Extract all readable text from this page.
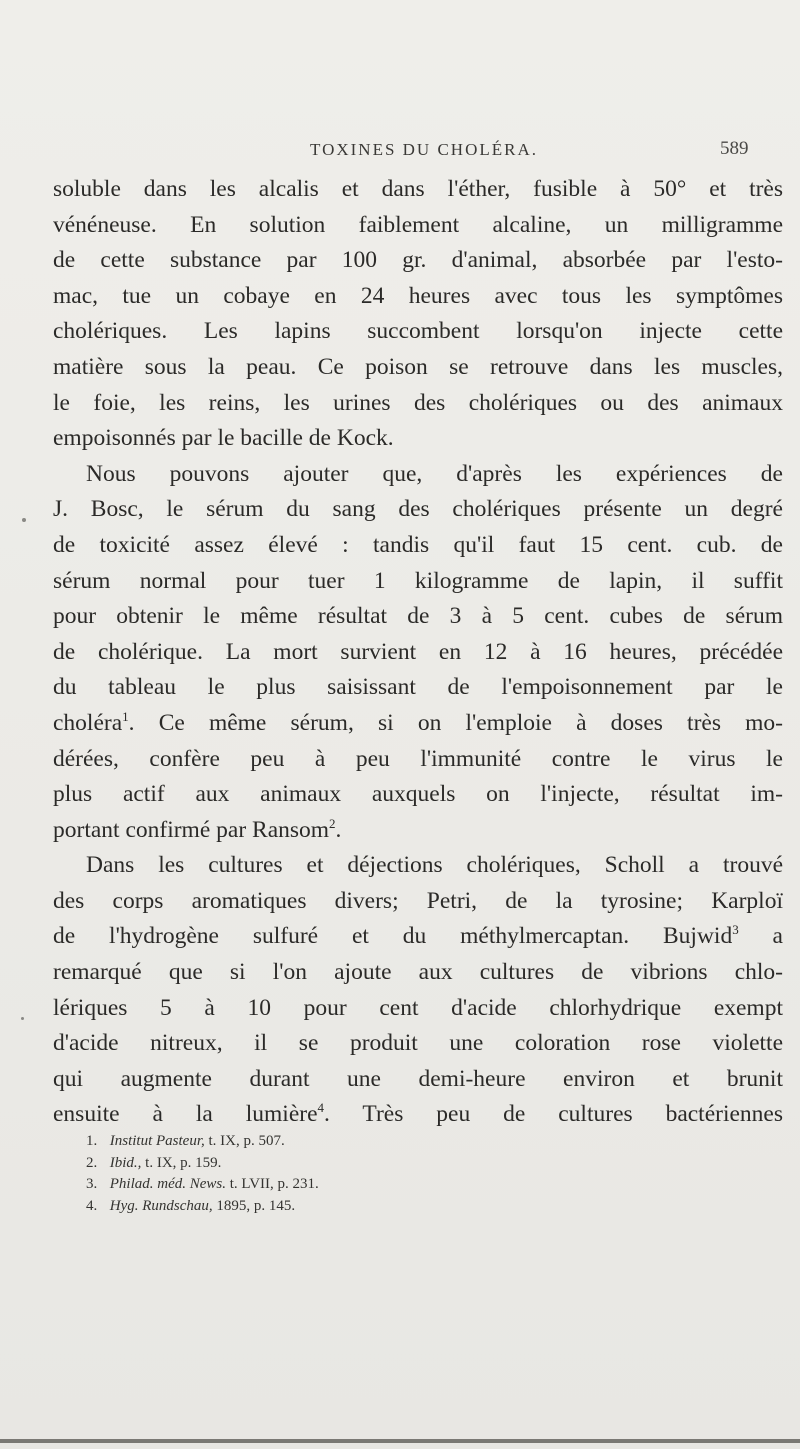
TOXINES DU CHOLÉRA.	589
soluble dans les alcalis et dans l'éther, fusible à 50° et très
vénéneuse. En solution faiblement alcaline, un milligramme
de cette substance par 100 gr. d'animal, absorbée par l'esto-
mac, tue un cobaye en 24 heures avec tous les symptômes
cholériques. Les lapins succombent lorsqu'on injecte cette
matière sous la peau. Ce poison se retrouve dans les muscles,
le foie, les reins, les urines des cholériques ou des animaux
empoisonnés par le bacille de Kock.
Nous pouvons ajouter que, d'après les expériences de
J. Bosc, le sérum du sang des cholériques présente un degré
de toxicité assez élevé : tandis qu'il faut 15 cent. cub. de
sérum normal pour tuer 1 kilogramme de lapin, il suffit
pour obtenir le même résultat de 3 à 5 cent. cubes de sérum
de cholérique. La mort survient en 12 à 16 heures, précédée
du tableau le plus saisissant de l'empoisonnement par le
choléra$^1$. Ce même sérum, si on l'emploie à doses très mo-
dérées, confère peu à peu l'immunité contre le virus le
plus actif aux animaux auxquels on l'injecte, résultat im-
portant confirmé par Ransom$^2$.
Dans les cultures et déjections cholériques, Scholl a trouvé
des corps aromatiques divers; Petri, de la tyrosine; Karploï
de l'hydrogène sulfuré et du méthylmercaptan. Bujwid$^3$ a
remarqué que si l'on ajoute aux cultures de vibrions chlo-
lériques 5 à 10 pour cent d'acide chlorhydrique exempt
d'acide nitreux, il se produit une coloration rose violette
qui augmente durant une demi-heure environ et brunit
ensuite à la lumière$^4$. Très peu de cultures bactériennes
1. Institut Pasteur, t. IX, p. 507.
2. Ibid., t. IX, p. 159.
3. Philad. méd. News. t. LVII, p. 231.
4. Hyg. Rundschau, 1895, p. 145.
